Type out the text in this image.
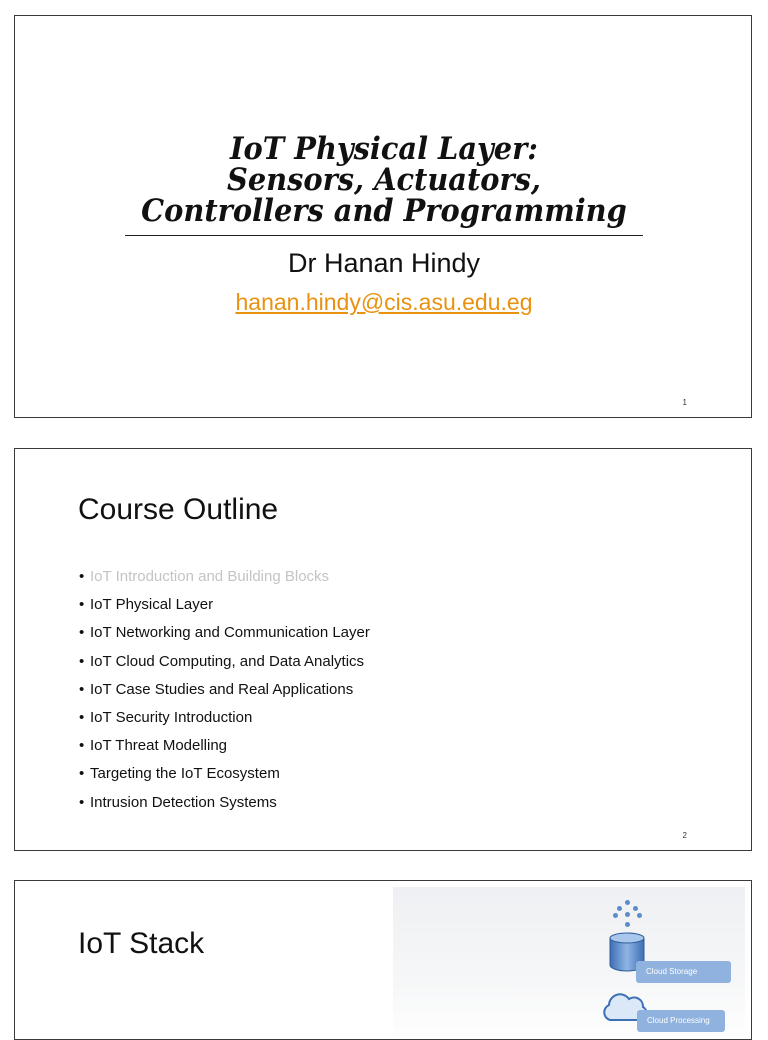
IoT Physical Layer:
Sensors, Actuators,
Controllers and Programming
Dr Hanan Hindy
hanan.hindy@cis.asu.edu.eg
1
Course Outline
• IoT Introduction and Building Blocks
• IoT Physical Layer
• IoT Networking and Communication Layer
• IoT Cloud Computing, and Data Analytics
• IoT Case Studies and Real Applications
• IoT Security Introduction
• IoT Threat Modelling
• Targeting the IoT Ecosystem
• Intrusion Detection Systems
2
IoT Stack
Cloud Storage
Cloud Processing
